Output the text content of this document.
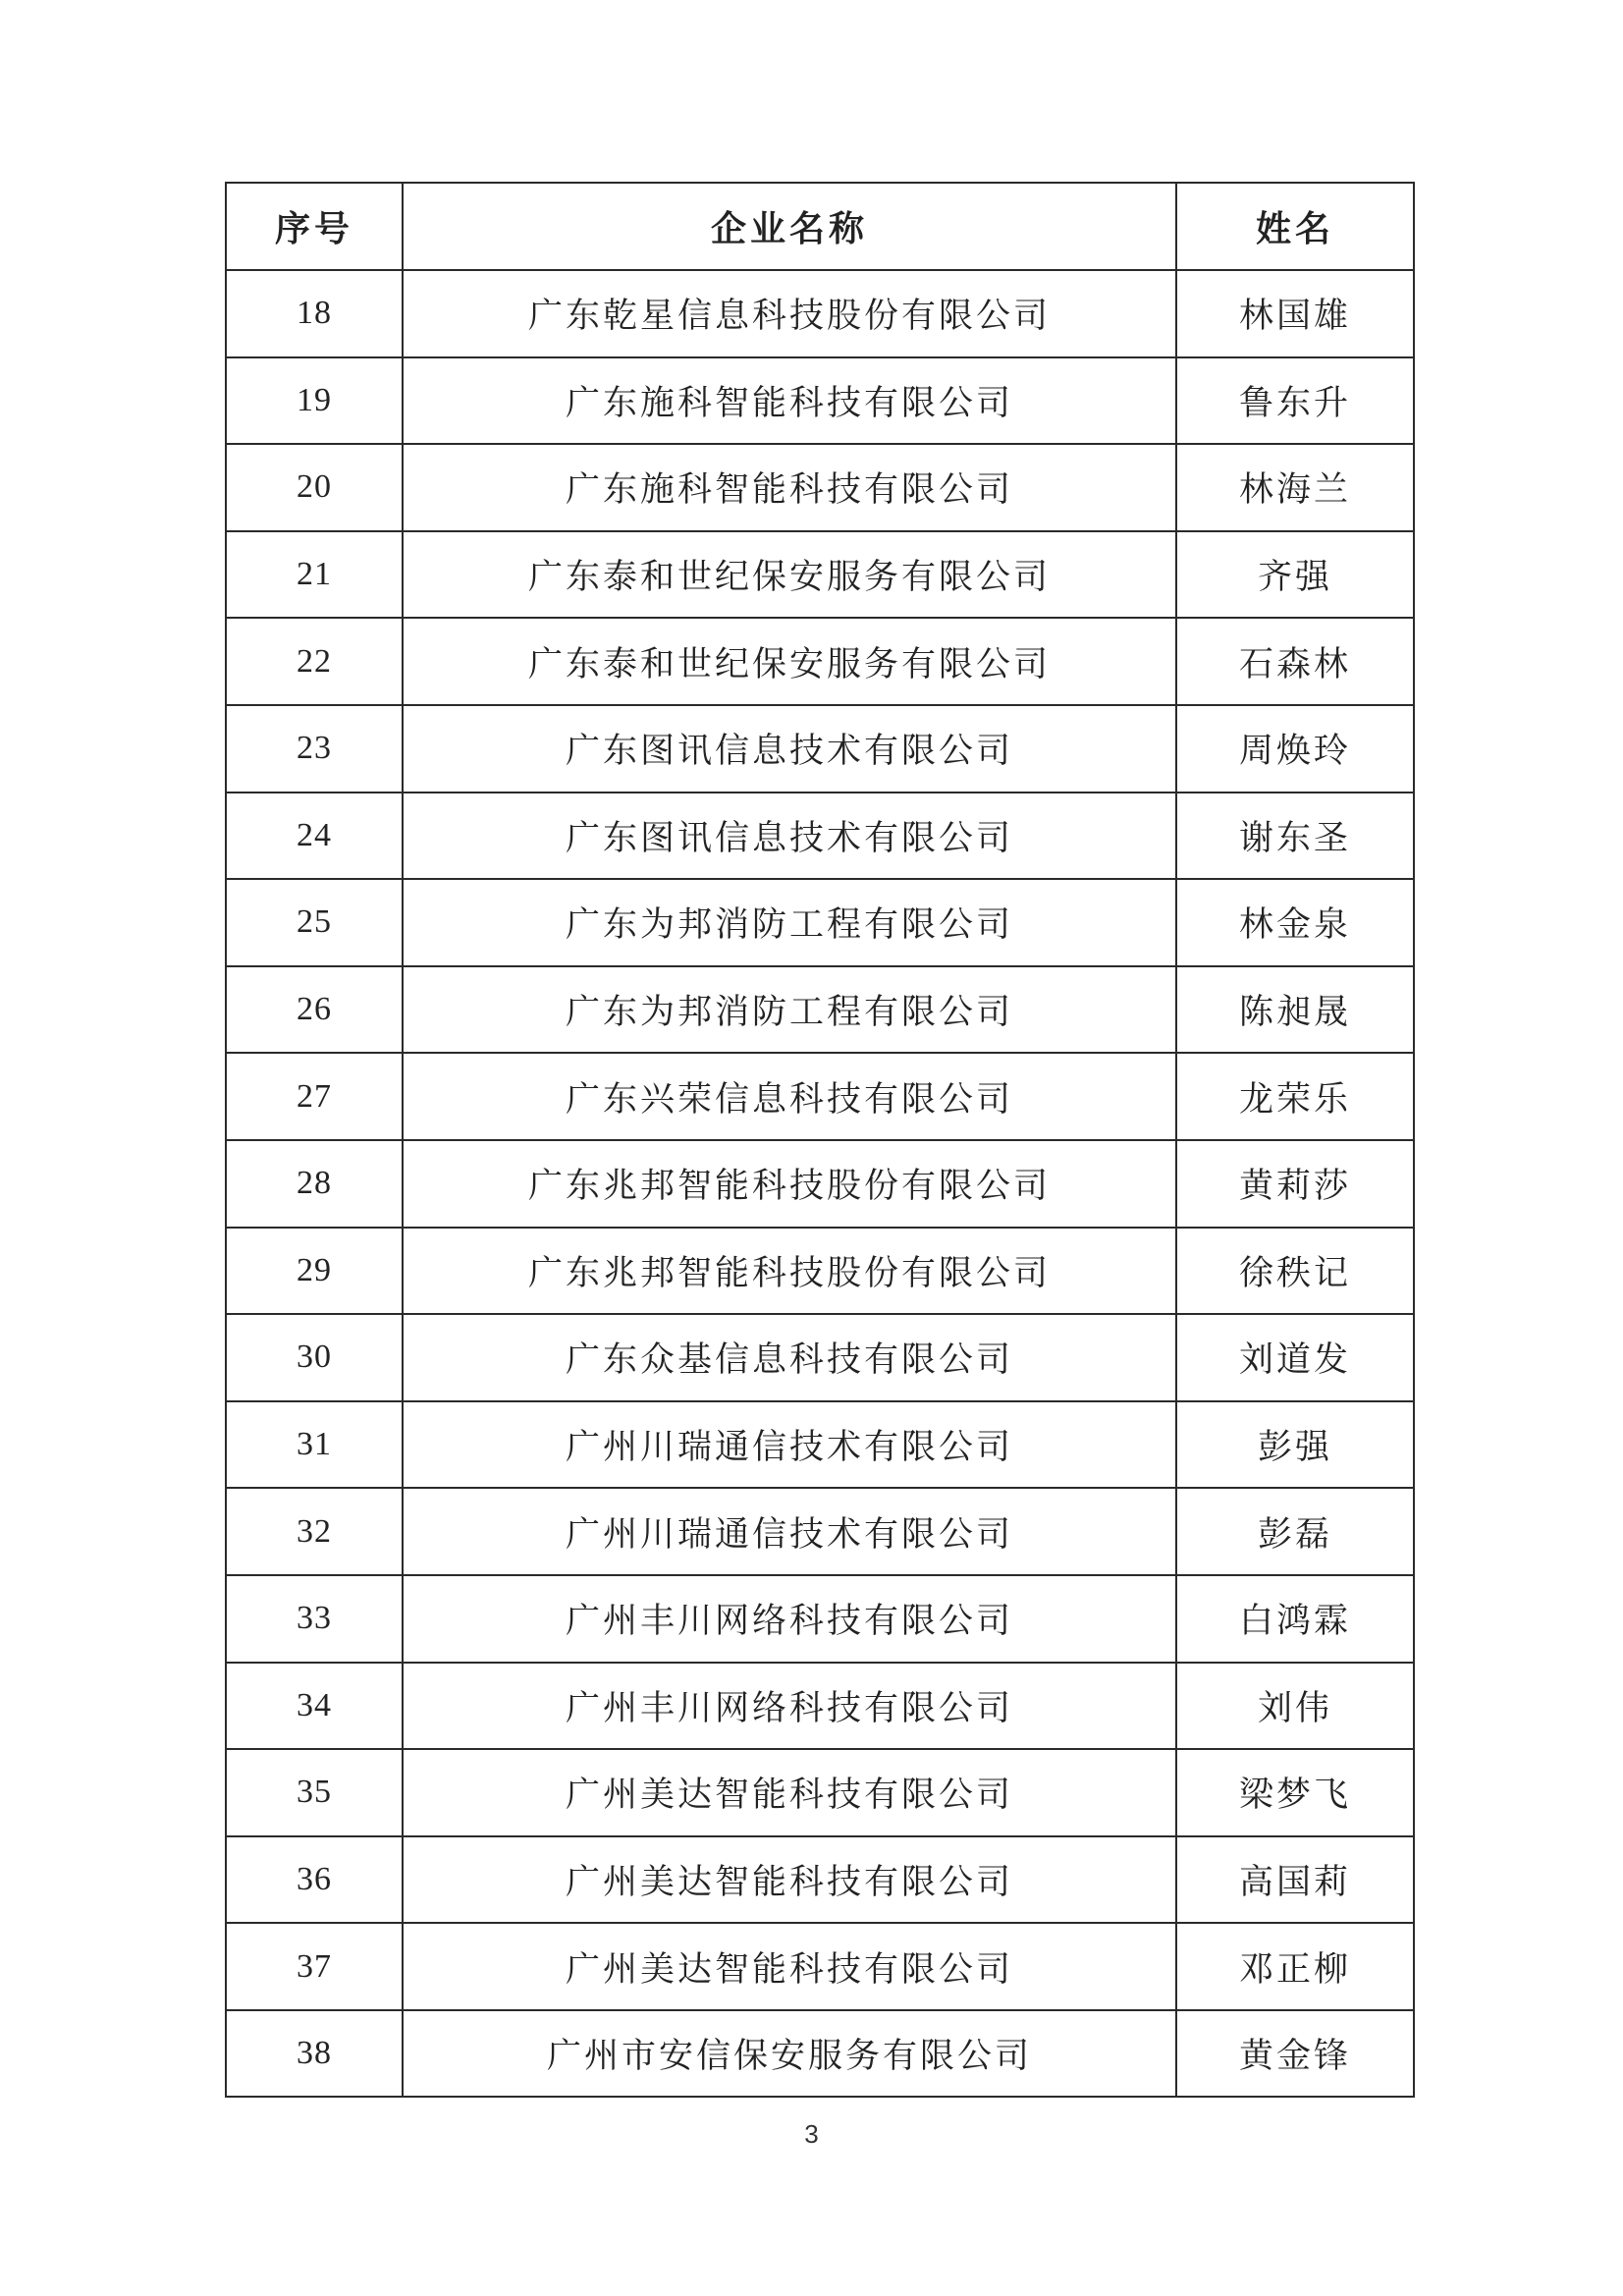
序号	企业名称	姓名
18	广东乾星信息科技股份有限公司	林国雄
19	广东施科智能科技有限公司	鲁东升
20	广东施科智能科技有限公司	林海兰
21	广东泰和世纪保安服务有限公司	齐强
22	广东泰和世纪保安服务有限公司	石森林
23	广东图讯信息技术有限公司	周焕玲
24	广东图讯信息技术有限公司	谢东圣
25	广东为邦消防工程有限公司	林金泉
26	广东为邦消防工程有限公司	陈昶晟
27	广东兴荣信息科技有限公司	龙荣乐
28	广东兆邦智能科技股份有限公司	黄莉莎
29	广东兆邦智能科技股份有限公司	徐秩记
30	广东众基信息科技有限公司	刘道发
31	广州川瑞通信技术有限公司	彭强
32	广州川瑞通信技术有限公司	彭磊
33	广州丰川网络科技有限公司	白鸿霖
34	广州丰川网络科技有限公司	刘伟
35	广州美达智能科技有限公司	梁梦飞
36	广州美达智能科技有限公司	高国莉
37	广州美达智能科技有限公司	邓正柳
38	广州市安信保安服务有限公司	黄金锋
3
